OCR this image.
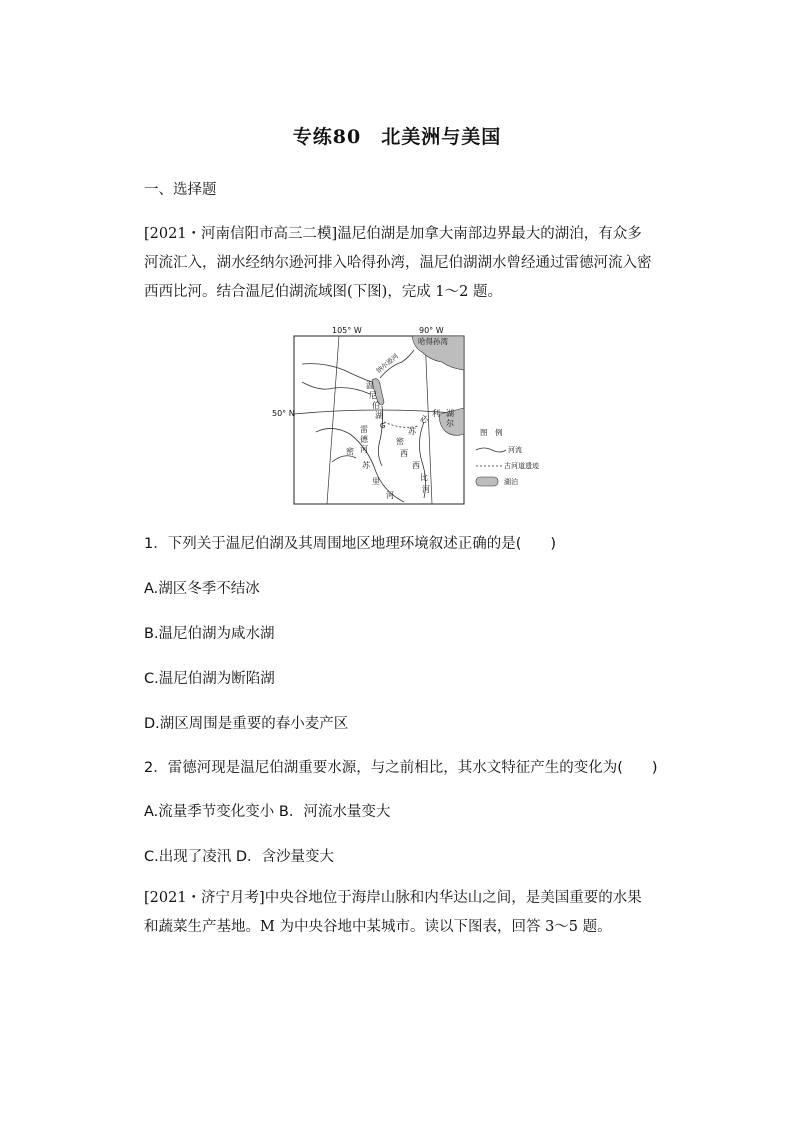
专练80　北美洲与美国
一、选择题
[2021・河南信阳市高三二模]温尼伯湖是加拿大南部边界最大的湖泊，有众多河流汇入，湖水经纳尔逊河排入哈得孙湾，温尼伯湖湖水曾经通过雷德河流入密西西比河。结合温尼伯湖流域图(下图)，完成 1～2 题。
105° W	90° W
50° N
哈得孙湾
纳尔逊河
温
尼
伯
湖
G
苏
必
利
尔
湖
雷
德
河
密
西
西
比
河
密
苏
里
河
图　例
河流
古河道遗迹
湖泊
1．下列关于温尼伯湖及其周围地区地理环境叙述正确的是(　　)
A.湖区冬季不结冰
B.温尼伯湖为咸水湖
C.温尼伯湖为断陷湖
D.湖区周围是重要的春小麦产区
2．雷德河现是温尼伯湖重要水源，与之前相比，其水文特征产生的变化为(　　)
A.流量季节变化变小 B．河流水量变大
C.出现了凌汛 D．含沙量变大
[2021・济宁月考]中央谷地位于海岸山脉和内华达山之间，是美国重要的水果和蔬菜生产基地。M 为中央谷地中某城市。读以下图表，回答 3～5 题。
